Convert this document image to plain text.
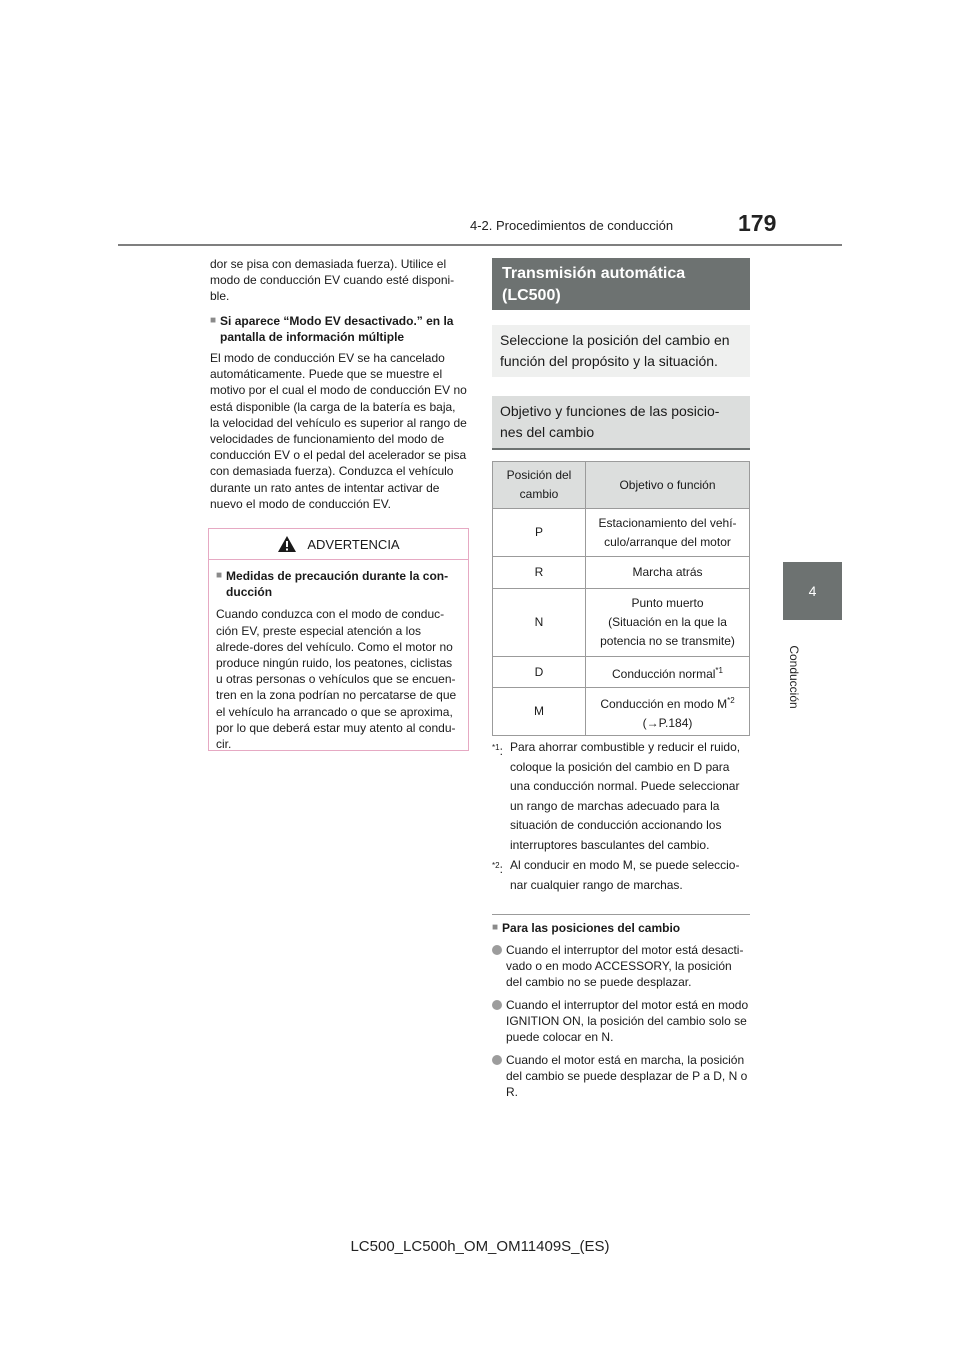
4-2. Procedimientos de conducción	179
4
Conducción

dor se pisa con demasiada fuerza). Utilice el modo de conducción EV cuando esté disponi-ble.

■ Si aparece “Modo EV desactivado.” en la
pantalla de información múltiple

El modo de conducción EV se ha cancelado automáticamente. Puede que se muestre el motivo por el cual el modo de conducción EV no está disponible (la carga de la batería es baja, la velocidad del vehículo es superior al rango de velocidades de funcionamiento del modo de conducción EV o el pedal del acelerador se pisa con demasiada fuerza). Conduzca el vehículo durante un rato antes de intentar activar de nuevo el modo de conducción EV.

ADVERTENCIA
■ Medidas de precaución durante la con-ducción

Cuando conduzca con el modo de conduc-ción EV, preste especial atención a los alrede-dores del vehículo. Como el motor no produce ningún ruido, los peatones, ciclistas u otras personas o vehículos que se encuen-tren en la zona podrían no percatarse de que el vehículo ha arrancado o que se aproxima, por lo que deberá estar muy atento al condu-cir.

Transmisión automática (LC500)
Seleccione la posición del cambio en función del propósito y la situación.
Objetivo y funciones de las posicio-nes del cambio
Posición del cambio	Objetivo o función
P	Estacionamiento del vehí-culo/arranque del motor
R	Marcha atrás
N	Punto muerto
(Situación en la que la potencia no se transmite)
D	Conducción normal$^{*1}$
M	Conducción en modo $M^{*2}$
(→P.184)
$^{*1}$: Para ahorrar combustible y reducir el ruido, coloque la posición del cambio en D para una conducción normal. Puede seleccionar un rango de marchas adecuado para la situación de conducción accionando los interruptores basculantes del cambio.
$^{*2}$: Al conducir en modo M, se puede seleccio-nar cualquier rango de marchas.
■ Para las posiciones del cambio
Cuando el interruptor del motor está desacti-vado o en modo ACCESSORY, la posición del cambio no se puede desplazar.
Cuando el interruptor del motor está en modo IGNITION ON, la posición del cambio solo se puede colocar en N.
Cuando el motor está en marcha, la posición del cambio se puede desplazar de P a D, N o R.
LC500_LC500h_OM_OM11409S_(ES)
